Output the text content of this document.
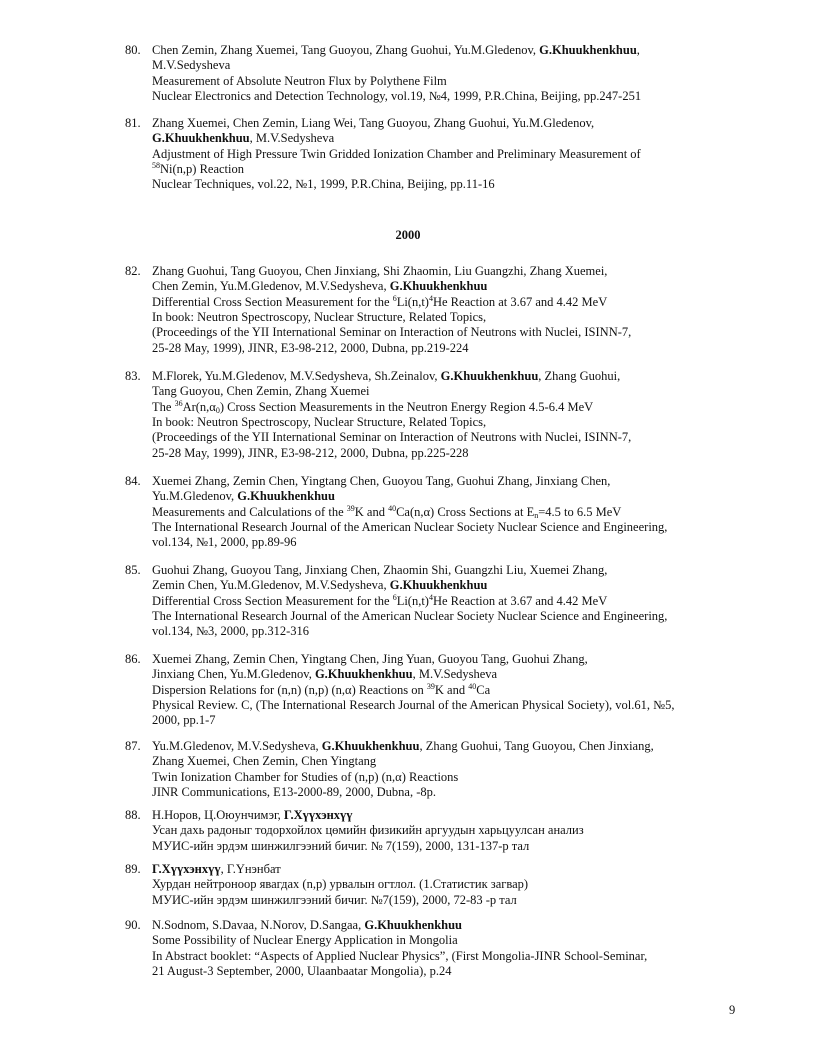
80. Chen Zemin, Zhang Xuemei, Tang Guoyou, Zhang Guohui, Yu.M.Gledenov, G.Khuukhenkhuu,
M.V.Sedysheva
Measurement of Absolute Neutron Flux by Polythene Film
Nuclear Electronics and Detection Technology, vol.19, №4, 1999, P.R.China, Beijing, pp.247-251
81. Zhang Xuemei, Chen Zemin, Liang Wei, Tang Guoyou, Zhang Guohui, Yu.M.Gledenov,
G.Khuukhenkhuu, M.V.Sedysheva
Adjustment of High Pressure Twin Gridded Ionization Chamber and Preliminary Measurement of
$^{58}$Ni(n,p) Reaction
Nuclear Techniques, vol.22, №1, 1999, P.R.China, Beijing, pp.11-16
82. Zhang Guohui, Tang Guoyou, Chen Jinxiang, Shi Zhaomin, Liu Guangzhi, Zhang Xuemei,
Chen Zemin, Yu.M.Gledenov, M.V.Sedysheva, G.Khuukhenkhuu
Differential Cross Section Measurement for the $^6Li(n,t)^4He$ Reaction at 3.67 and 4.42 MeV
In book: Neutron Spectroscopy, Nuclear Structure, Related Topics,
(Proceedings of the YII International Seminar on Interaction of Neutrons with Nuclei, ISINN-7,
25-28 May, 1999), JINR, E3-98-212, 2000, Dubna, pp.219-224
83. M.Florek, Yu.M.Gledenov, M.V.Sedysheva, Sh.Zeinalov, G.Khuukhenkhuu, Zhang Guohui,
Tang Guoyou, Chen Zemin, Zhang Xuemei
The $^{36}Ar(n,\alpha_0)$ Cross Section Measurements in the Neutron Energy Region 4.5-6.4 MeV
In book: Neutron Spectroscopy, Nuclear Structure, Related Topics,
(Proceedings of the YII International Seminar on Interaction of Neutrons with Nuclei, ISINN-7,
25-28 May, 1999), JINR, E3-98-212, 2000, Dubna, pp.225-228
84. Xuemei Zhang, Zemin Chen, Yingtang Chen, Guoyou Tang, Guohui Zhang, Jinxiang Chen,
Yu.M.Gledenov, G.Khuukhenkhuu
Measurements and Calculations of the $^{39}$K and $^{40}$Ca(n,α) Cross Sections at $E_n=4.5$ to 6.5 MeV
The International Research Journal of the American Nuclear Society Nuclear Science and Engineering,
vol.134, №1, 2000, pp.89-96
85. Guohui Zhang, Guoyou Tang, Jinxiang Chen, Zhaomin Shi, Guangzhi Liu, Xuemei Zhang,
Zemin Chen, Yu.M.Gledenov, M.V.Sedysheva, G.Khuukhenkhuu
Differential Cross Section Measurement for the $^6Li(n,t)^4He$ Reaction at 3.67 and 4.42 MeV
The International Research Journal of the American Nuclear Society Nuclear Science and Engineering,
vol.134, №3, 2000, pp.312-316
86. Xuemei Zhang, Zemin Chen, Yingtang Chen, Jing Yuan, Guoyou Tang, Guohui Zhang,
Jinxiang Chen, Yu.M.Gledenov, G.Khuukhenkhuu, M.V.Sedysheva
Dispersion Relations for (n,n) (n,p) (n,α) Reactions on $^{39}$K and $^{40}$Ca
Physical Review. C, (The International Research Journal of the American Physical Society), vol.61, №5,
2000, pp.1-7
87. Yu.M.Gledenov, M.V.Sedysheva, G.Khuukhenkhuu, Zhang Guohui, Tang Guoyou, Chen Jinxiang,
Zhang Xuemei, Chen Zemin, Chen Yingtang
Twin Ionization Chamber for Studies of (n,p) (n,α) Reactions
JINR Communications, E13-2000-89, 2000, Dubna, -8p.
88. Н.Норов, Ц.Оюунчимэг, Г.Хүүхэнхүү
Усан дахь радоныг тодорхойлох цөмийн физикийн аргуудын харьцуулсан анализ
МУИС-ийн эрдэм шинжилгээний бичиг. № 7(159), 2000, 131-137-р тал
89. Г.Хүүхэнхүү, Г.Үнэнбат
Хурдан нейтроноор явагдах (n,p) урвалын огтлол. (1.Статистик загвар)
МУИС-ийн эрдэм шинжилгээний бичиг. №7(159), 2000, 72-83 -р тал
90. N.Sodnom, S.Davaa, N.Norov, D.Sangaa, G.Khuukhenkhuu
Some Possibility of Nuclear Energy Application in Mongolia
In Abstract booklet: “Aspects of Applied Nuclear Physics”, (First Mongolia-JINR School-Seminar,
21 August-3 September, 2000, Ulaanbaatar Mongolia), p.24
2000
9
